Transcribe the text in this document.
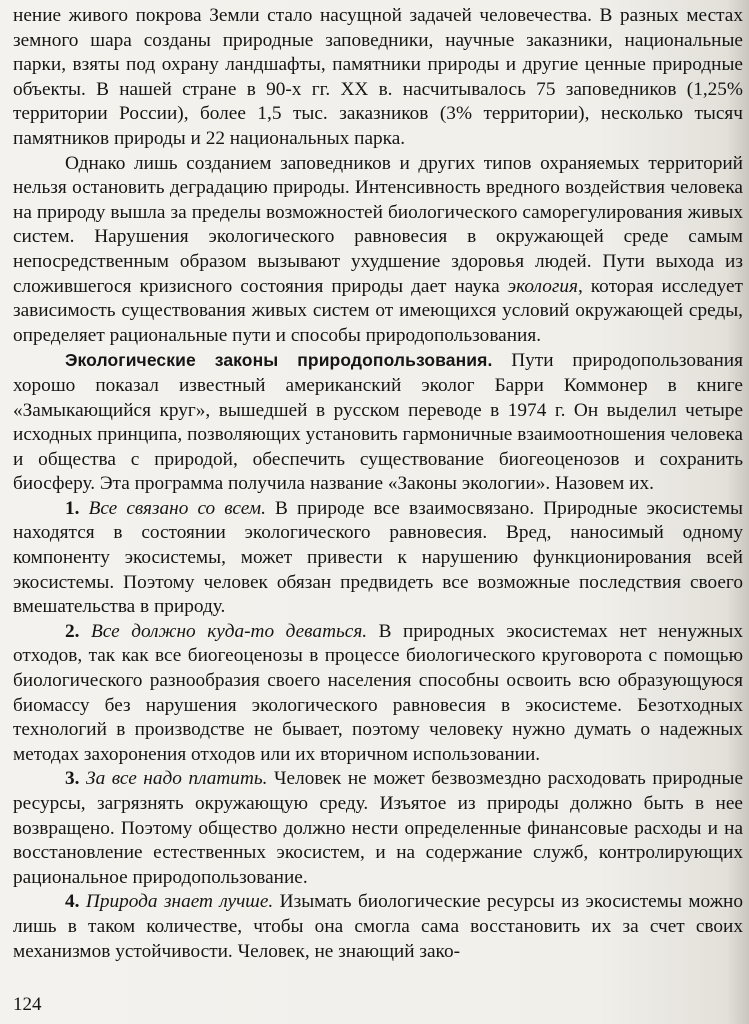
нение живого покрова Земли стало насущной задачей человечества. В разных местах земного шара созданы природные заповедники, научные заказники, национальные парки, взяты под охрану ландшафты, памятники природы и другие ценные природные объекты. В нашей стране в 90-х гг. XX в. насчитывалось 75 заповедников (1,25% территории России), более 1,5 тыс. заказников (3% территории), несколько тысяч памятников природы и 22 национальных парка.

Однако лишь созданием заповедников и других типов охраняемых территорий нельзя остановить деградацию природы. Интенсивность вредного воздействия человека на природу вышла за пределы возможностей биологического саморегулирования живых систем. Нарушения экологического равновесия в окружающей среде самым непосредственным образом вызывают ухудшение здоровья людей. Пути выхода из сложившегося кризисного состояния природы дает наука экология, которая исследует зависимость существования живых систем от имеющихся условий окружающей среды, определяет рациональные пути и способы природопользования.

Экологические законы природопользования. Пути природопользования хорошо показал известный американский эколог Барри Коммонер в книге «Замыкающийся круг», вышедшей в русском переводе в 1974 г. Он выделил четыре исходных принципа, позволяющих установить гармоничные взаимоотношения человека и общества с природой, обеспечить существование биогеоценозов и сохранить биосферу. Эта программа получила название «Законы экологии». Назовем их.

1. Все связано со всем. В природе все взаимосвязано. Природные экосистемы находятся в состоянии экологического равновесия. Вред, наносимый одному компоненту экосистемы, может привести к нарушению функционирования всей экосистемы. Поэтому человек обязан предвидеть все возможные последствия своего вмешательства в природу.

2. Все должно куда-то деваться. В природных экосистемах нет ненужных отходов, так как все биогеоценозы в процессе биологического круговорота с помощью биологического разнообразия своего населения способны освоить всю образующуюся биомассу без нарушения экологического равновесия в экосистеме. Безотходных технологий в производстве не бывает, поэтому человеку нужно думать о надежных методах захоронения отходов или их вторичном использовании.

3. За все надо платить. Человек не может безвозмездно расходовать природные ресурсы, загрязнять окружающую среду. Изъятое из природы должно быть в нее возвращено. Поэтому общество должно нести определенные финансовые расходы и на восстановление естественных экосистем, и на содержание служб, контролирующих рациональное природопользование.

4. Природа знает лучше. Изымать биологические ресурсы из экосистемы можно лишь в таком количестве, чтобы она смогла сама восстановить их за счет своих механизмов устойчивости. Человек, не знающий зако-

124
